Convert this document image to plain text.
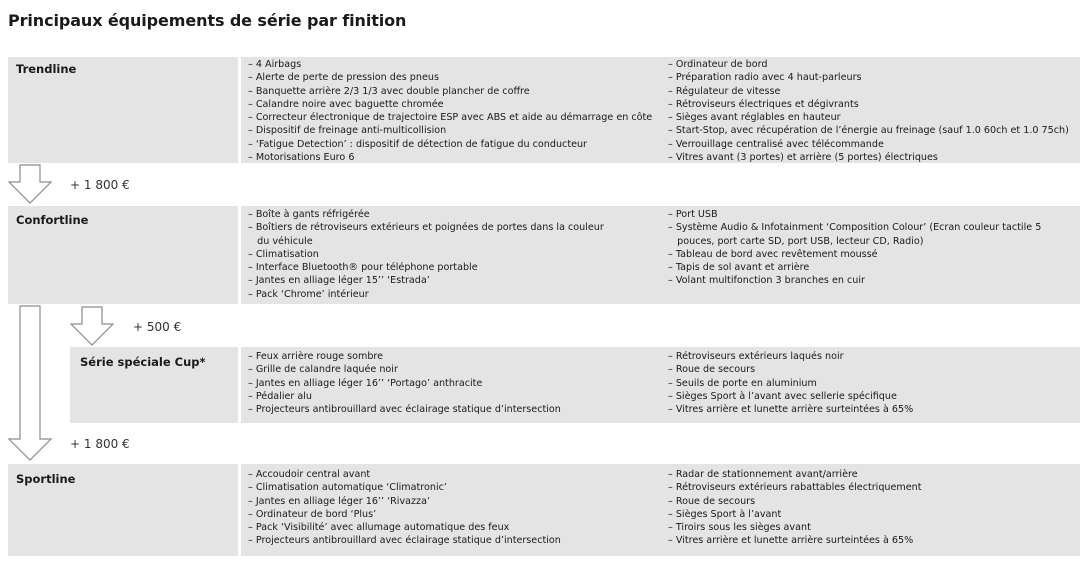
Principaux équipements de série par finition
Trendline	– 4 Airbags
– Alerte de perte de pression des pneus
– Banquette arrière 2/3 1/3 avec double plancher de coffre
– Calandre noire avec baguette chromée
– Correcteur électronique de trajectoire ESP avec ABS et aide au démarrage en côte
– Dispositif de freinage anti-multicollision
– ‘Fatigue Detection’ : dispositif de détection de fatigue du conducteur
– Motorisations Euro 6
– Ordinateur de bord
– Préparation radio avec 4 haut-parleurs
– Régulateur de vitesse
– Rétroviseurs électriques et dégivrants
– Sièges avant réglables en hauteur
– Start-Stop, avec récupération de l’énergie au freinage (sauf 1.0 60ch et 1.0 75ch)
– Verrouillage centralisé avec télécommande
– Vitres avant (3 portes) et arrière (5 portes) électriques
+ 1 800 €
Confortline	– Boîte à gants réfrigérée
– Boîtiers de rétroviseurs extérieurs et poignées de portes dans la couleur
du véhicule
– Climatisation
– Interface Bluetooth® pour téléphone portable
– Jantes en alliage léger 15’’ ‘Estrada’
– Pack ‘Chrome’ intérieur
– Port USB
– Système Audio & Infotainment ‘Composition Colour’ (Ecran couleur tactile 5
pouces, port carte SD, port USB, lecteur CD, Radio)
– Tableau de bord avec revêtement moussé
– Tapis de sol avant et arrière
– Volant multifonction 3 branches en cuir
+ 500 €
Série spéciale Cup*	– Feux arrière rouge sombre
– Grille de calandre laquée noir
– Jantes en alliage léger 16’’ ‘Portago’ anthracite
– Pédalier alu
– Projecteurs antibrouillard avec éclairage statique d’intersection
– Rétroviseurs extérieurs laqués noir
– Roue de secours
– Seuils de porte en aluminium
– Sièges Sport à l’avant avec sellerie spécifique
– Vitres arrière et lunette arrière surteintées à 65%
+ 1 800 €
Sportline	– Accoudoir central avant
– Climatisation automatique ‘Climatronic’
– Jantes en alliage léger 16’’ ‘Rivazza’
– Ordinateur de bord ‘Plus’
– Pack ‘Visibilité’ avec allumage automatique des feux
– Projecteurs antibrouillard avec éclairage statique d’intersection
– Radar de stationnement avant/arrière
– Rétroviseurs extérieurs rabattables électriquement
– Roue de secours
– Sièges Sport à l’avant
– Tiroirs sous les sièges avant
– Vitres arrière et lunette arrière surteintées à 65%
